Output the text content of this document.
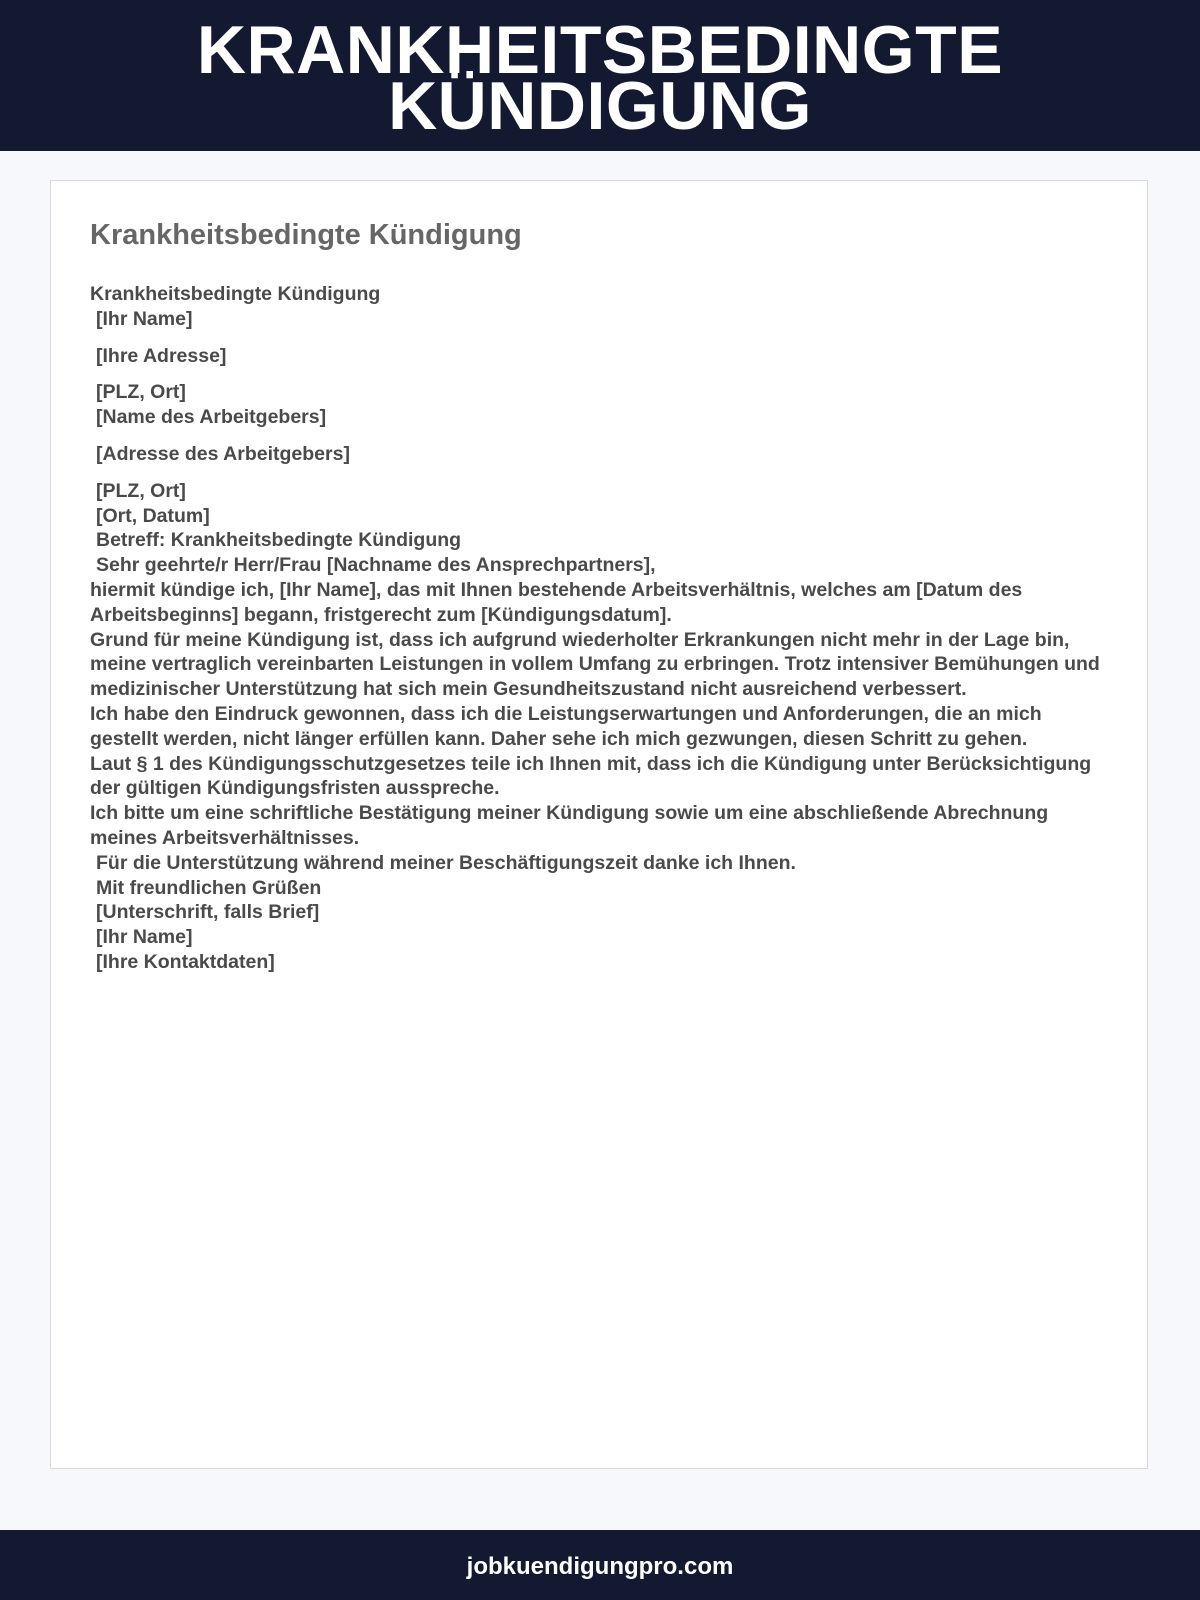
KRANKHEITSBEDINGTE KÜNDIGUNG
Krankheitsbedingte Kündigung
Krankheitsbedingte Kündigung
[Ihr Name]
[Ihre Adresse]
[PLZ, Ort]
[Name des Arbeitgebers]
[Adresse des Arbeitgebers]
[PLZ, Ort]
[Ort, Datum]
Betreff: Krankheitsbedingte Kündigung
Sehr geehrte/r Herr/Frau [Nachname des Ansprechpartners],
hiermit kündige ich, [Ihr Name], das mit Ihnen bestehende Arbeitsverhältnis, welches am [Datum des Arbeitsbeginns] begann, fristgerecht zum [Kündigungsdatum].
Grund für meine Kündigung ist, dass ich aufgrund wiederholter Erkrankungen nicht mehr in der Lage bin, meine vertraglich vereinbarten Leistungen in vollem Umfang zu erbringen. Trotz intensiver Bemühungen und medizinischer Unterstützung hat sich mein Gesundheitszustand nicht ausreichend verbessert.
Ich habe den Eindruck gewonnen, dass ich die Leistungserwartungen und Anforderungen, die an mich gestellt werden, nicht länger erfüllen kann. Daher sehe ich mich gezwungen, diesen Schritt zu gehen.
Laut § 1 des Kündigungsschutzgesetzes teile ich Ihnen mit, dass ich die Kündigung unter Berücksichtigung der gültigen Kündigungsfristen ausspreche.
Ich bitte um eine schriftliche Bestätigung meiner Kündigung sowie um eine abschließende Abrechnung meines Arbeitsverhältnisses.
Für die Unterstützung während meiner Beschäftigungszeit danke ich Ihnen.
Mit freundlichen Grüßen
[Unterschrift, falls Brief]
[Ihr Name]
[Ihre Kontaktdaten]
jobkuendigungpro.com
